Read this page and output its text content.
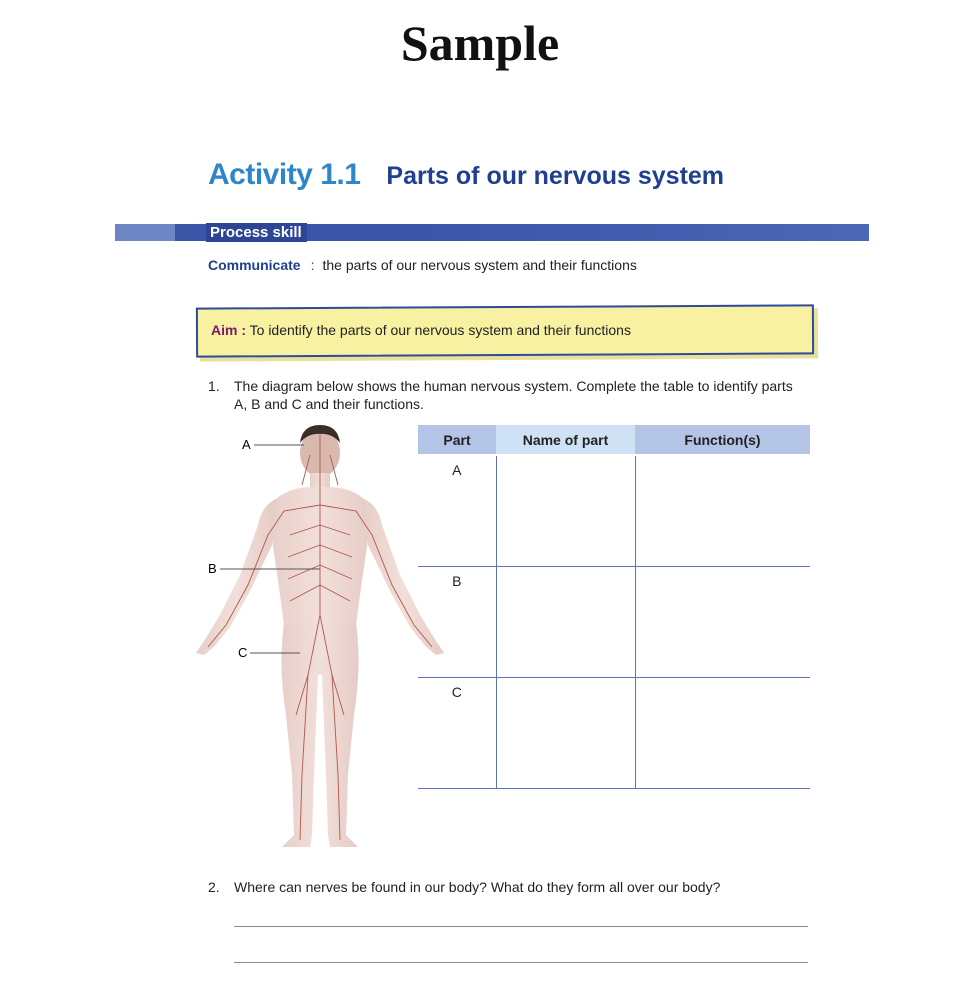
Sample
Activity 1.1 Parts of our nervous system
Process skill
Communicate : the parts of our nervous system and their functions
Aim : To identify the parts of our nervous system and their functions
1. The diagram below shows the human nervous system. Complete the table to identify parts A, B and C and their functions.
A
B
C
Part	Name of part	Function(s)
A		
B		
C		
2. Where can nerves be found in our body? What do they form all over our body?
